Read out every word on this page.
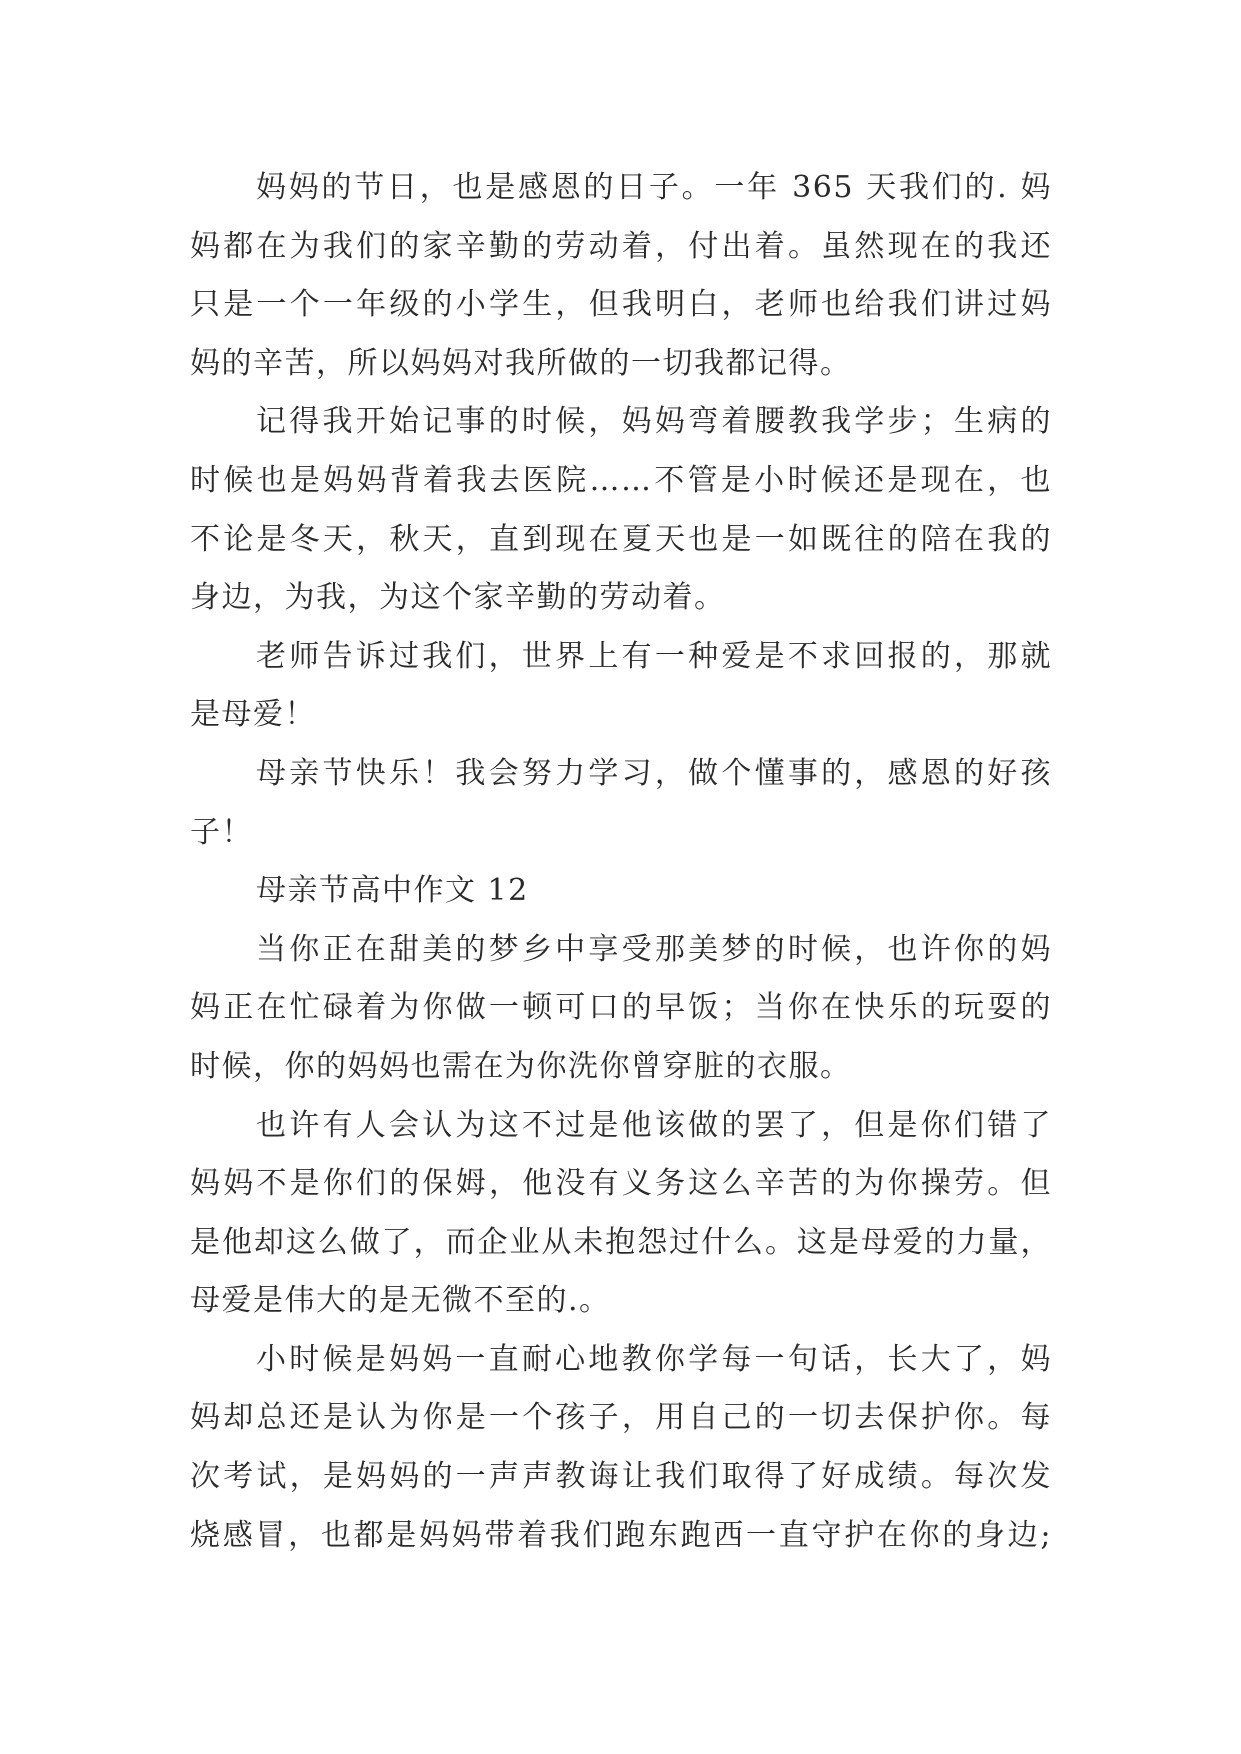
妈妈的节日，也是感恩的日子。一年 365 天我们的. 妈
妈都在为我们的家辛勤的劳动着，付出着。虽然现在的我还
只是一个一年级的小学生，但我明白，老师也给我们讲过妈
妈的辛苦，所以妈妈对我所做的一切我都记得。
记得我开始记事的时候，妈妈弯着腰教我学步；生病的
时候也是妈妈背着我去医院……不管是小时候还是现在，也
不论是冬天，秋天，直到现在夏天也是一如既往的陪在我的
身边，为我，为这个家辛勤的劳动着。
老师告诉过我们，世界上有一种爱是不求回报的，那就
是母爱！
母亲节快乐！我会努力学习，做个懂事的，感恩的好孩
子！
母亲节高中作文 12
当你正在甜美的梦乡中享受那美梦的时候，也许你的妈
妈正在忙碌着为你做一顿可口的早饭；当你在快乐的玩耍的
时候，你的妈妈也需在为你洗你曾穿脏的衣服。
也许有人会认为这不过是他该做的罢了，但是你们错了
妈妈不是你们的保姆，他没有义务这么辛苦的为你操劳。但
是他却这么做了，而企业从未抱怨过什么。这是母爱的力量，
母爱是伟大的是无微不至的.。
小时候是妈妈一直耐心地教你学每一句话，长大了，妈
妈却总还是认为你是一个孩子，用自己的一切去保护你。每
次考试，是妈妈的一声声教诲让我们取得了好成绩。每次发
烧感冒，也都是妈妈带着我们跑东跑西一直守护在你的身边;
